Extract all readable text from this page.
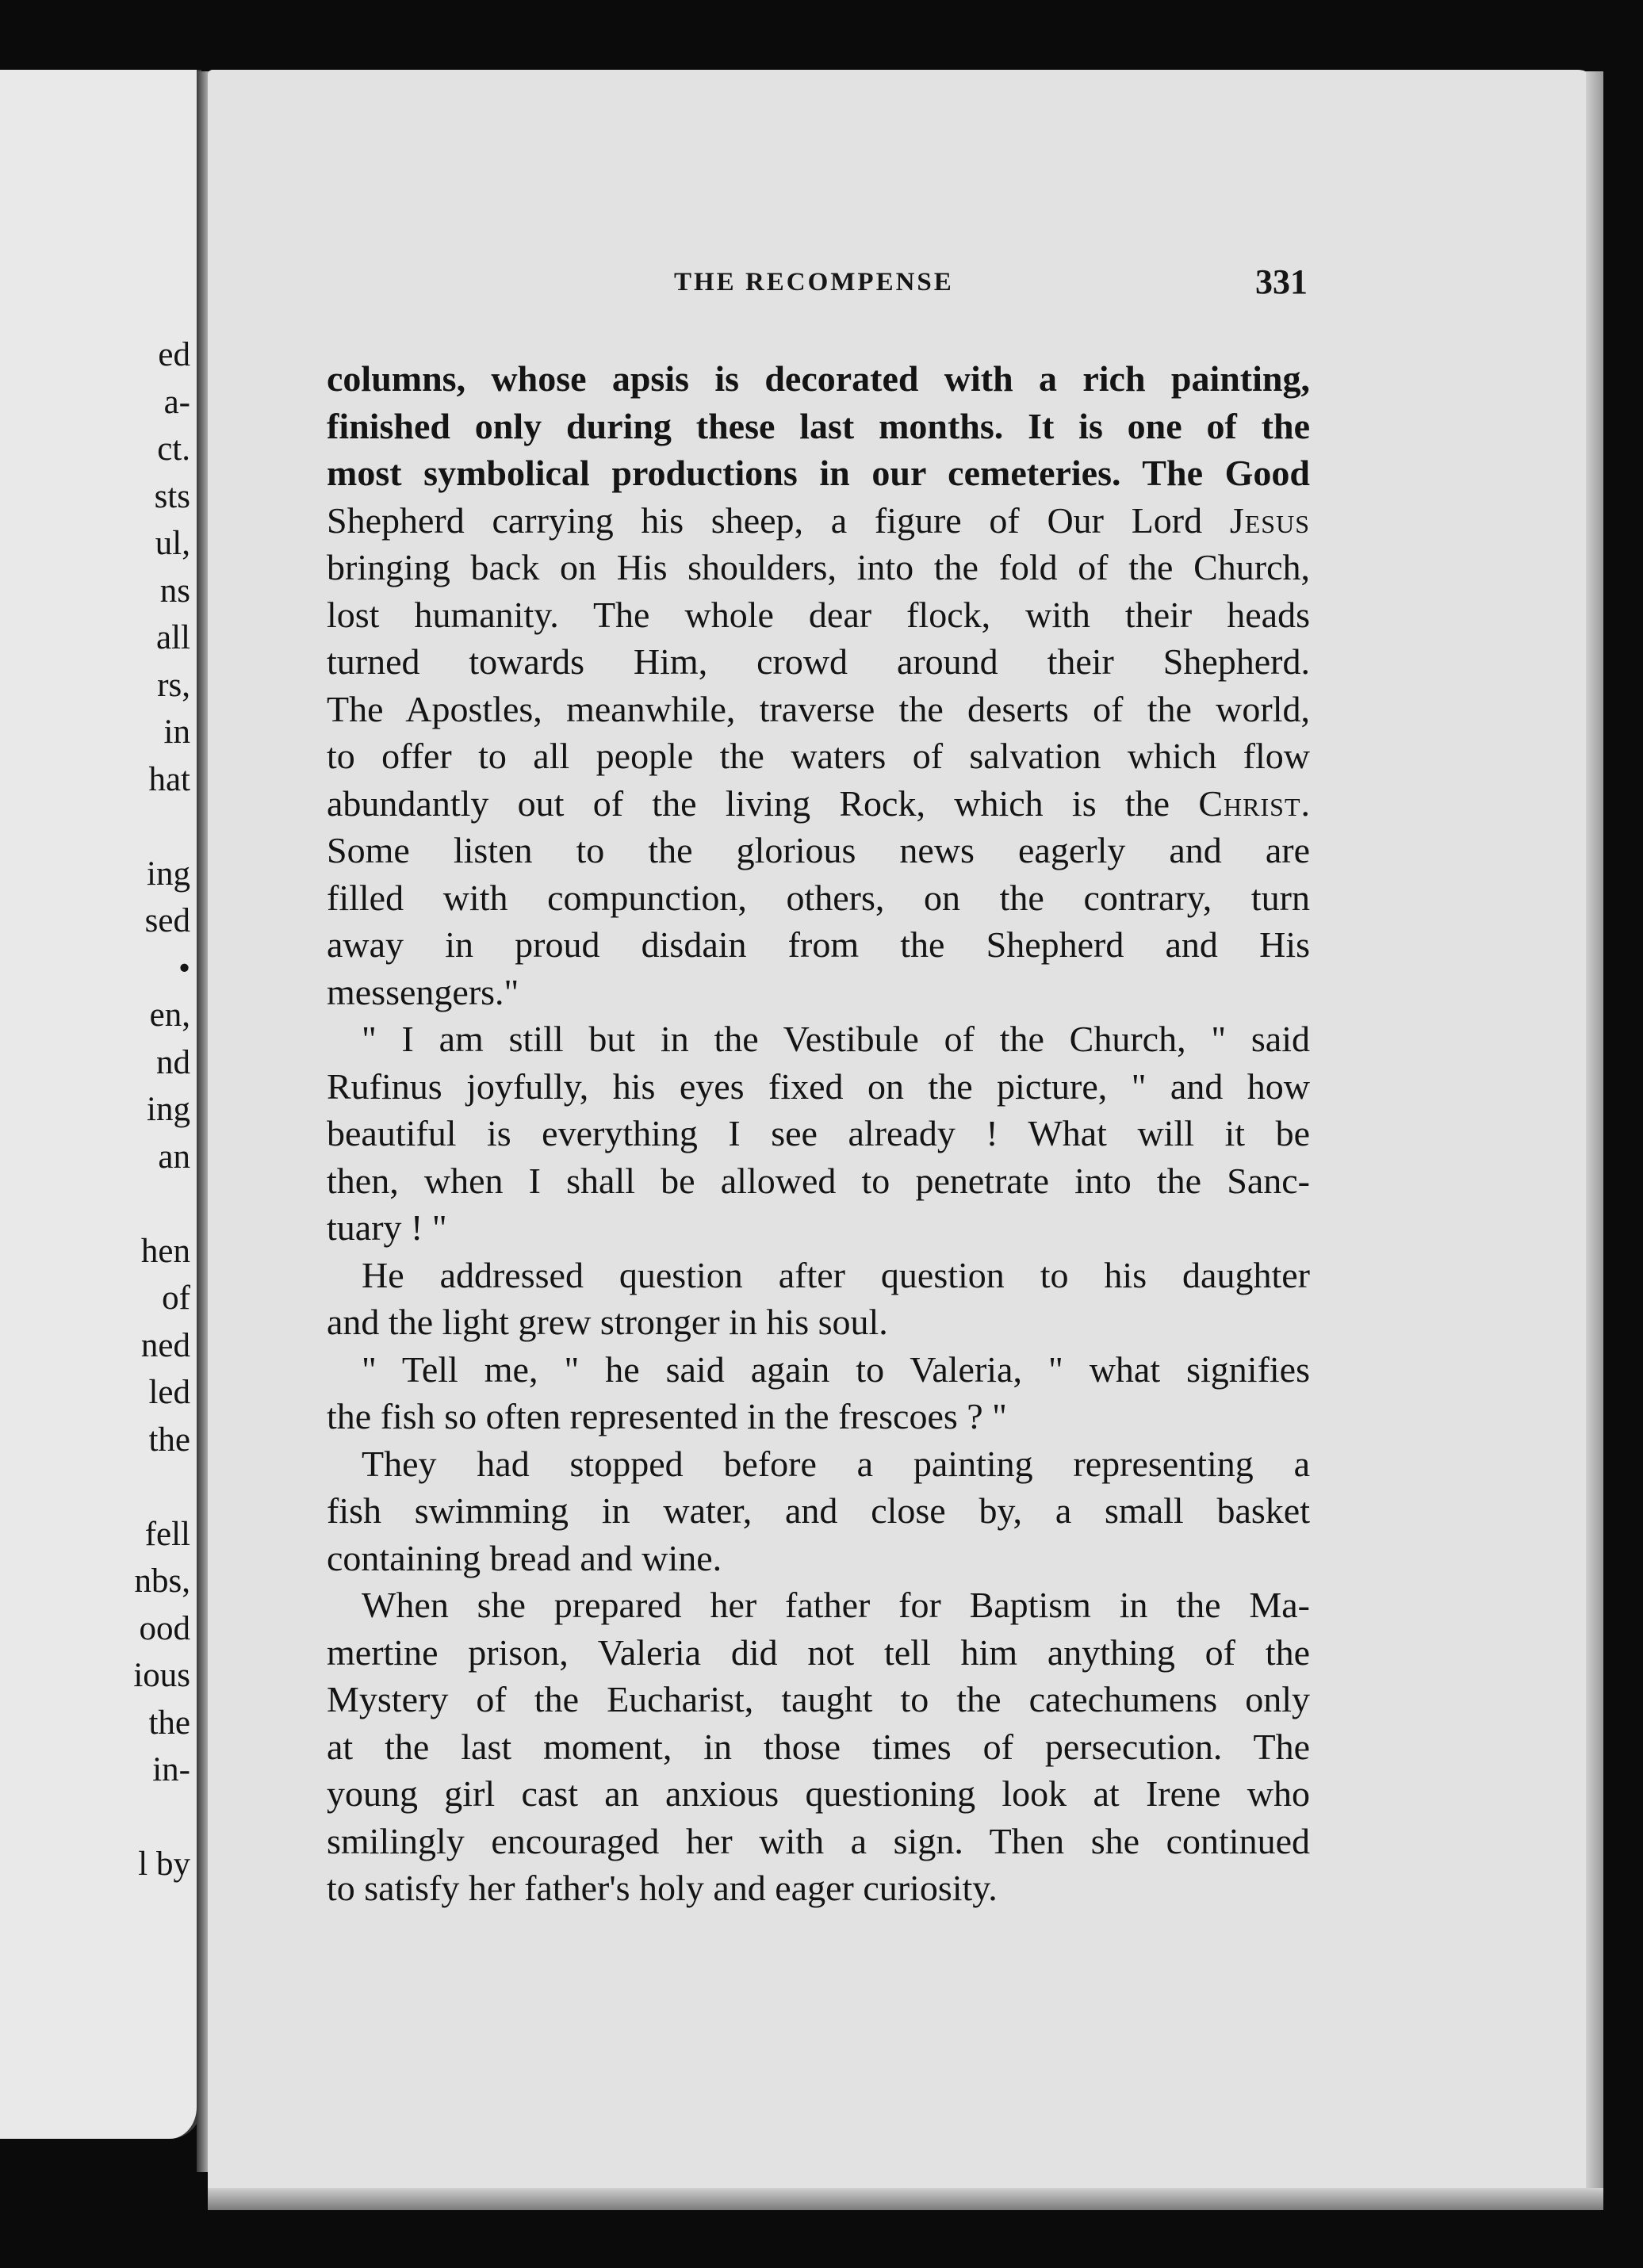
ed
a-
ct.
sts
ul,
ns
all
rs,
in
hat
ing
sed
•
en,
nd
ing
an
hen
of
ned
led
the
fell
nbs,
ood
ious
the
in-
l by
THE RECOMPENSE	331
columns, whose apsis is decorated with a rich painting,
finished only during these last months. It is one of the
most symbolical productions in our cemeteries. The Good
Shepherd carrying his sheep, a figure of Our Lord Jesus
bringing back on His shoulders, into the fold of the Church,
lost humanity. The whole dear flock, with their heads
turned towards Him, crowd around their Shepherd.
The Apostles, meanwhile, traverse the deserts of the world,
to offer to all people the waters of salvation which flow
abundantly out of the living Rock, which is the Christ.
Some listen to the glorious news eagerly and are
filled with compunction, others, on the contrary, turn
away in proud disdain from the Shepherd and His
messengers."
" I am still but in the Vestibule of the Church, " said
Rufinus joyfully, his eyes fixed on the picture, " and how
beautiful is everything I see already ! What will it be
then, when I shall be allowed to penetrate into the Sanc-
tuary ! "
He addressed question after question to his daughter
and the light grew stronger in his soul.
" Tell me, " he said again to Valeria, " what signifies
the fish so often represented in the frescoes ? "
They had stopped before a painting representing a
fish swimming in water, and close by, a small basket
containing bread and wine.
When she prepared her father for Baptism in the Ma-
mertine prison, Valeria did not tell him anything of the
Mystery of the Eucharist, taught to the catechumens only
at the last moment, in those times of persecution. The
young girl cast an anxious questioning look at Irene who
smilingly encouraged her with a sign. Then she continued
to satisfy her father's holy and eager curiosity.
